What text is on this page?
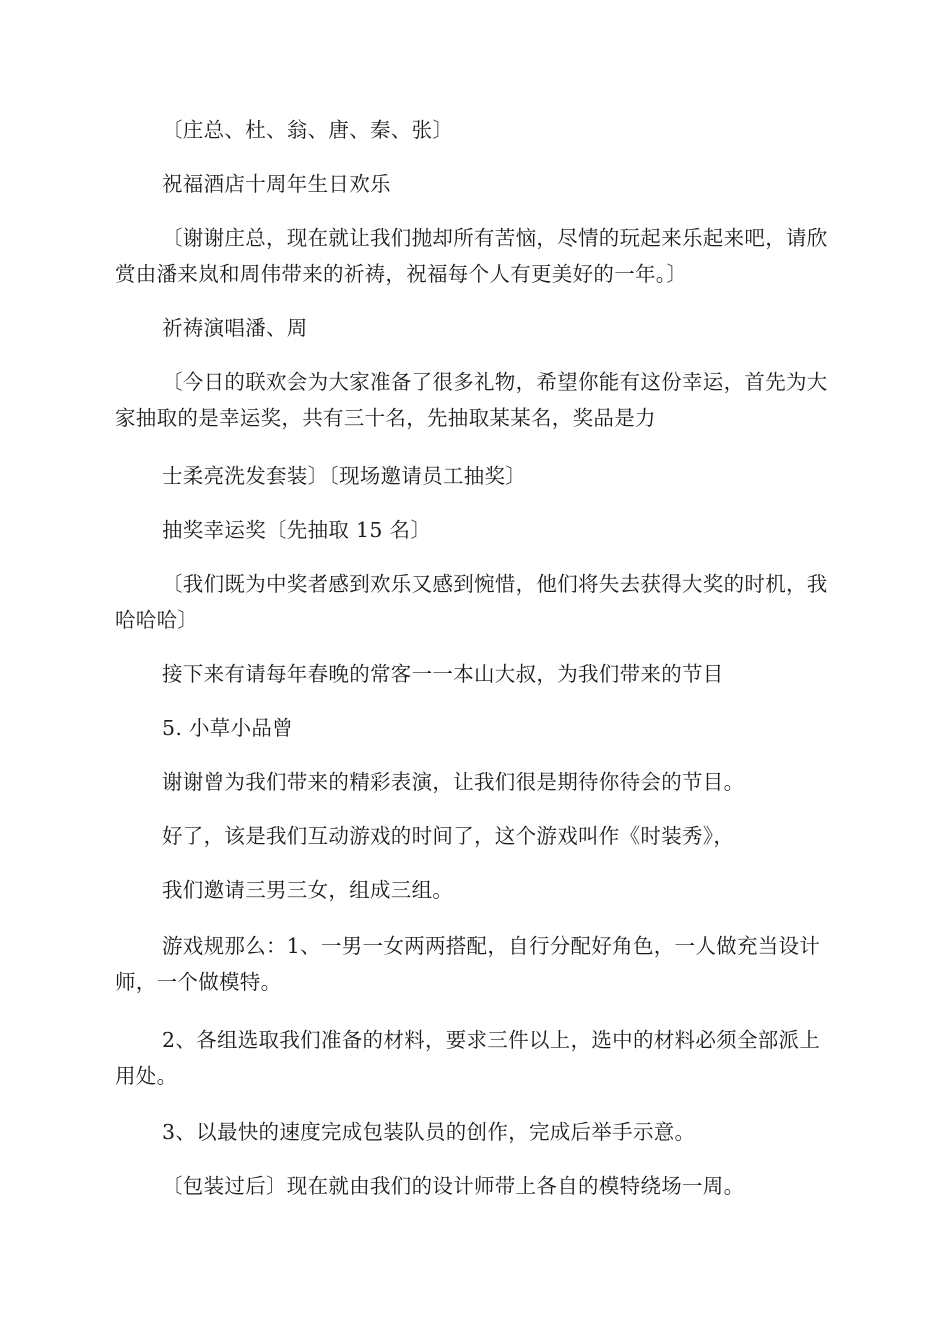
〔庄总、杜、翁、唐、秦、张〕

祝福酒店十周年生日欢乐

〔谢谢庄总，现在就让我们抛却所有苦恼，尽情的玩起来乐起来吧，请欣赏由潘来岚和周伟带来的祈祷，祝福每个人有更美好的一年。〕

祈祷演唱潘、周

〔今日的联欢会为大家准备了很多礼物，希望你能有这份幸运，首先为大家抽取的是幸运奖，共有三十名，先抽取某某名，奖品是力

士柔亮洗发套装〕〔现场邀请员工抽奖〕

抽奖幸运奖〔先抽取 15 名〕

〔我们既为中奖者感到欢乐又感到惋惜，他们将失去获得大奖的时机，我哈哈哈〕

接下来有请每年春晚的常客一一本山大叔，为我们带来的节目

5. 小草小品曾

谢谢曾为我们带来的精彩表演，让我们很是期待你待会的节目。

好了，该是我们互动游戏的时间了，这个游戏叫作《时装秀》，

我们邀请三男三女，组成三组。

游戏规那么：1、一男一女两两搭配，自行分配好角色，一人做充当设计师，一个做模特。

2、各组选取我们准备的材料，要求三件以上，选中的材料必须全部派上用处。

3、以最快的速度完成包装队员的创作，完成后举手示意。

〔包装过后〕现在就由我们的设计师带上各自的模特绕场一周。
